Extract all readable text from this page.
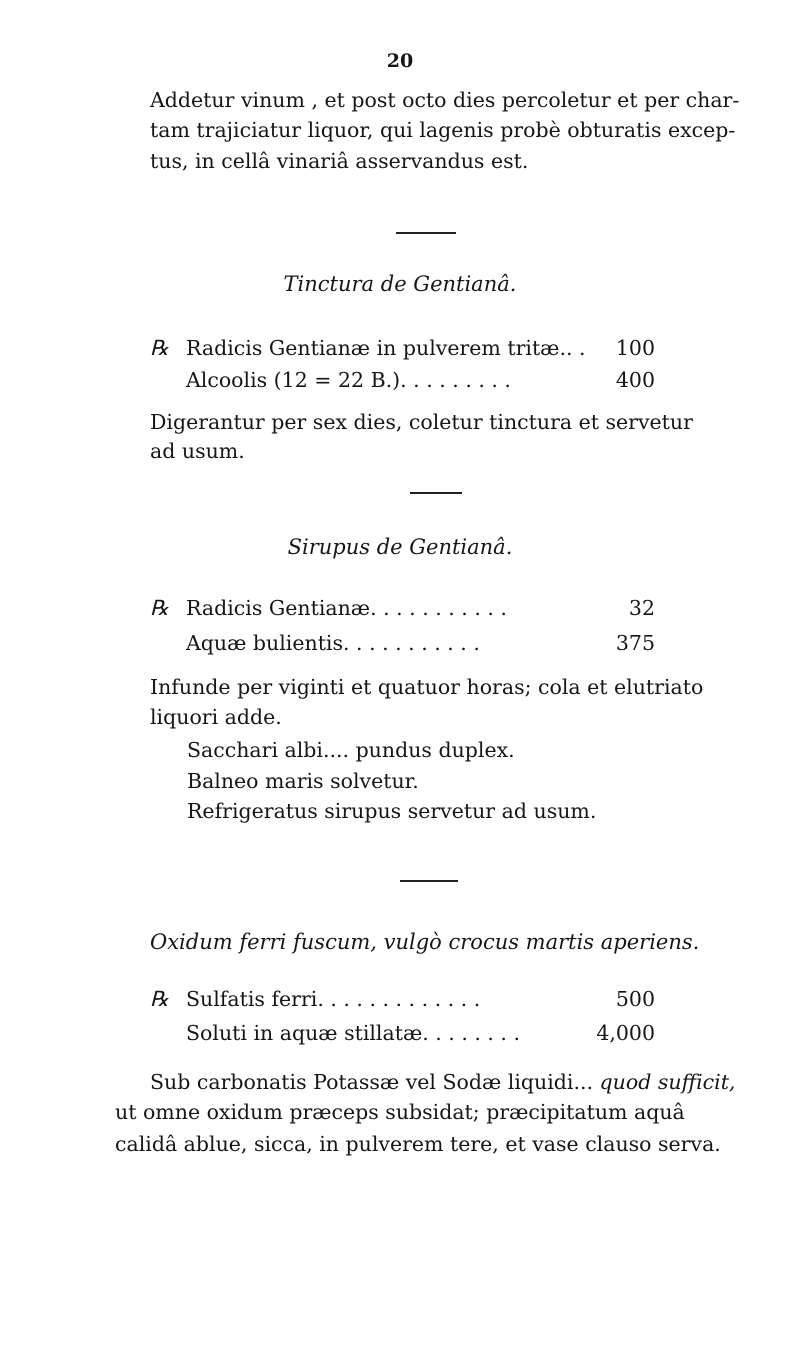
20
Addetur vinum , et post octo dies percoletur et per char-
tam trajiciatur liquor, qui lagenis probè obturatis excep-
tus, in cellâ vinariâ asservandus est.
Tinctura de Gentianâ.
℞ Radicis Gentianæ in pulverem tritæ.. .	100
Alcoolis (12 = 22 B.). . . . . . . . .	400
Digerantur per sex dies, coletur tinctura et servetur
ad usum.
Sirupus de Gentianâ.
℞ Radicis Gentianæ. . . . . . . . . . .	32
Aquæ bulientis. . . . . . . . . . .	375
Infunde per viginti et quatuor horas; cola et elutriato
liquori adde.
Sacchari albi.... pundus duplex.
Balneo maris solvetur.
Refrigeratus sirupus servetur ad usum.
Oxidum ferri fuscum, vulgò crocus martis aperiens.
℞ Sulfatis ferri. . . . . . . . . . . . .	500
Soluti in aquæ stillatæ. . . . . . . .	4,000
Sub carbonatis Potassæ vel Sodæ liquidi... quod sufficit,
ut omne oxidum præceps subsidat; præcipitatum aquâ
calidâ ablue, sicca, in pulverem tere, et vase clauso serva.
